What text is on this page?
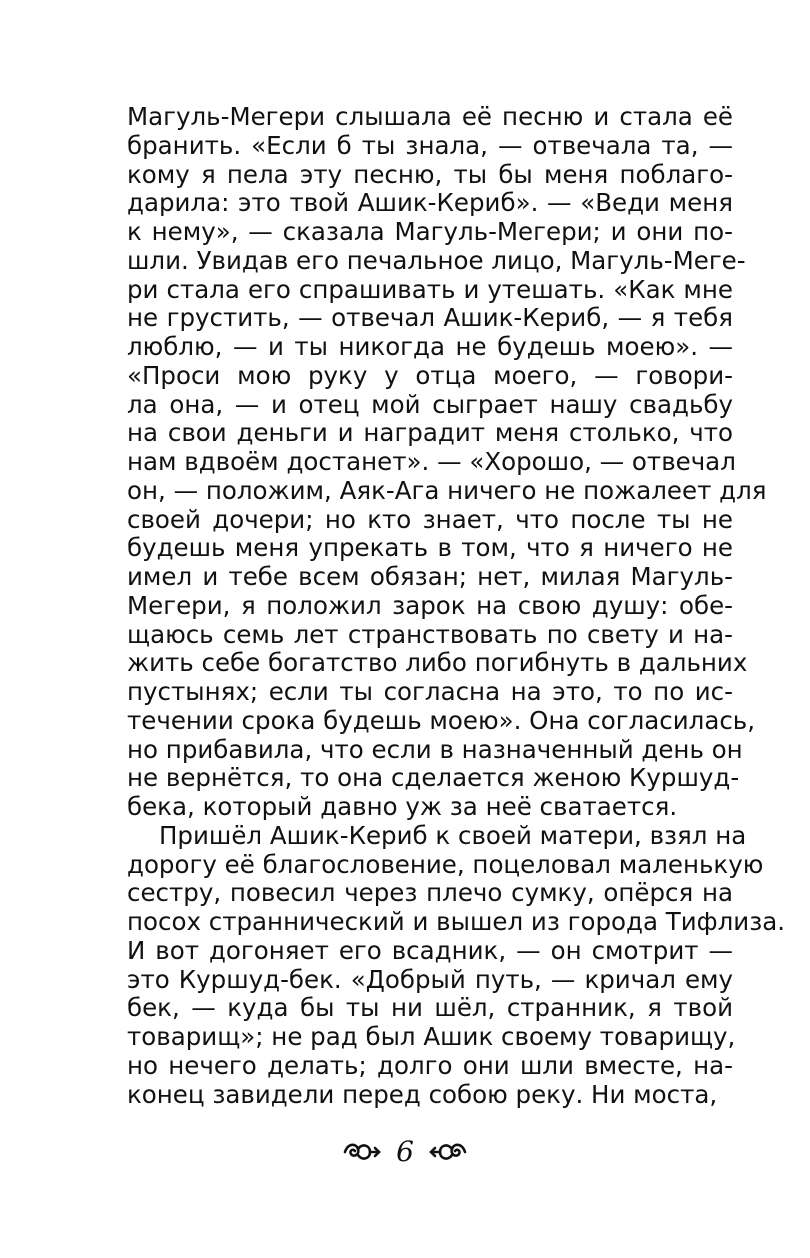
Магуль-Мегери слышала её песню и стала её
бранить. «Если б ты знала, — отвечала та, —
кому я пела эту песню, ты бы меня поблаго-
дарила: это твой Ашик-Кериб». — «Веди меня
к нему», — сказала Магуль-Мегери; и они по-
шли. Увидав его печальное лицо, Магуль-Мeге-
ри стала его спрашивать и утешать. «Как мне
не грустить, — отвечал Ашик-Кериб, — я тебя
люблю, — и ты никогда не будешь моею». —
«Проси мою руку у отца моего, — говори-
ла она, — и отец мой сыграет нашу свадьбу
на свои деньги и наградит меня столько, что
нам вдвоём достанет». — «Хорошо, — отвечал
он, — положим, Аяк-Ага ничего не пожалеет для
своей дочери; но кто знает, что после ты не
будешь меня упрекать в том, что я ничего не
имел и тебе всем обязан; нет, милая Магуль-
Мегери, я положил зарок на свою душу: обе-
щаюсь семь лет странствовать по свету и на-
жить себе богатство либо погибнуть в дальних
пустынях; если ты согласна на это, то по ис-
течении срока будешь моею». Она согласилась,
но прибавила, что если в назначенный день он
не вернётся, то она сделается женою Куршуд-
бека, который давно уж за неё сватается.
Пришёл Ашик-Кериб к своей матери, взял на
дорогу её благословение, поцеловал маленькую
сестру, повесил через плечо сумку, опёрся на
посох страннический и вышел из города Тифлиза.
И вот догоняет его всадник, — он смотрит —
это Куршуд-бек. «Добрый путь, — кричал ему
бек, — куда бы ты ни шёл, странник, я твой
товарищ»; не рад был Ашик своему товарищу,
но нечего делать; долго они шли вместе, на-
конец завидели перед собою реку. Ни моста,
6
